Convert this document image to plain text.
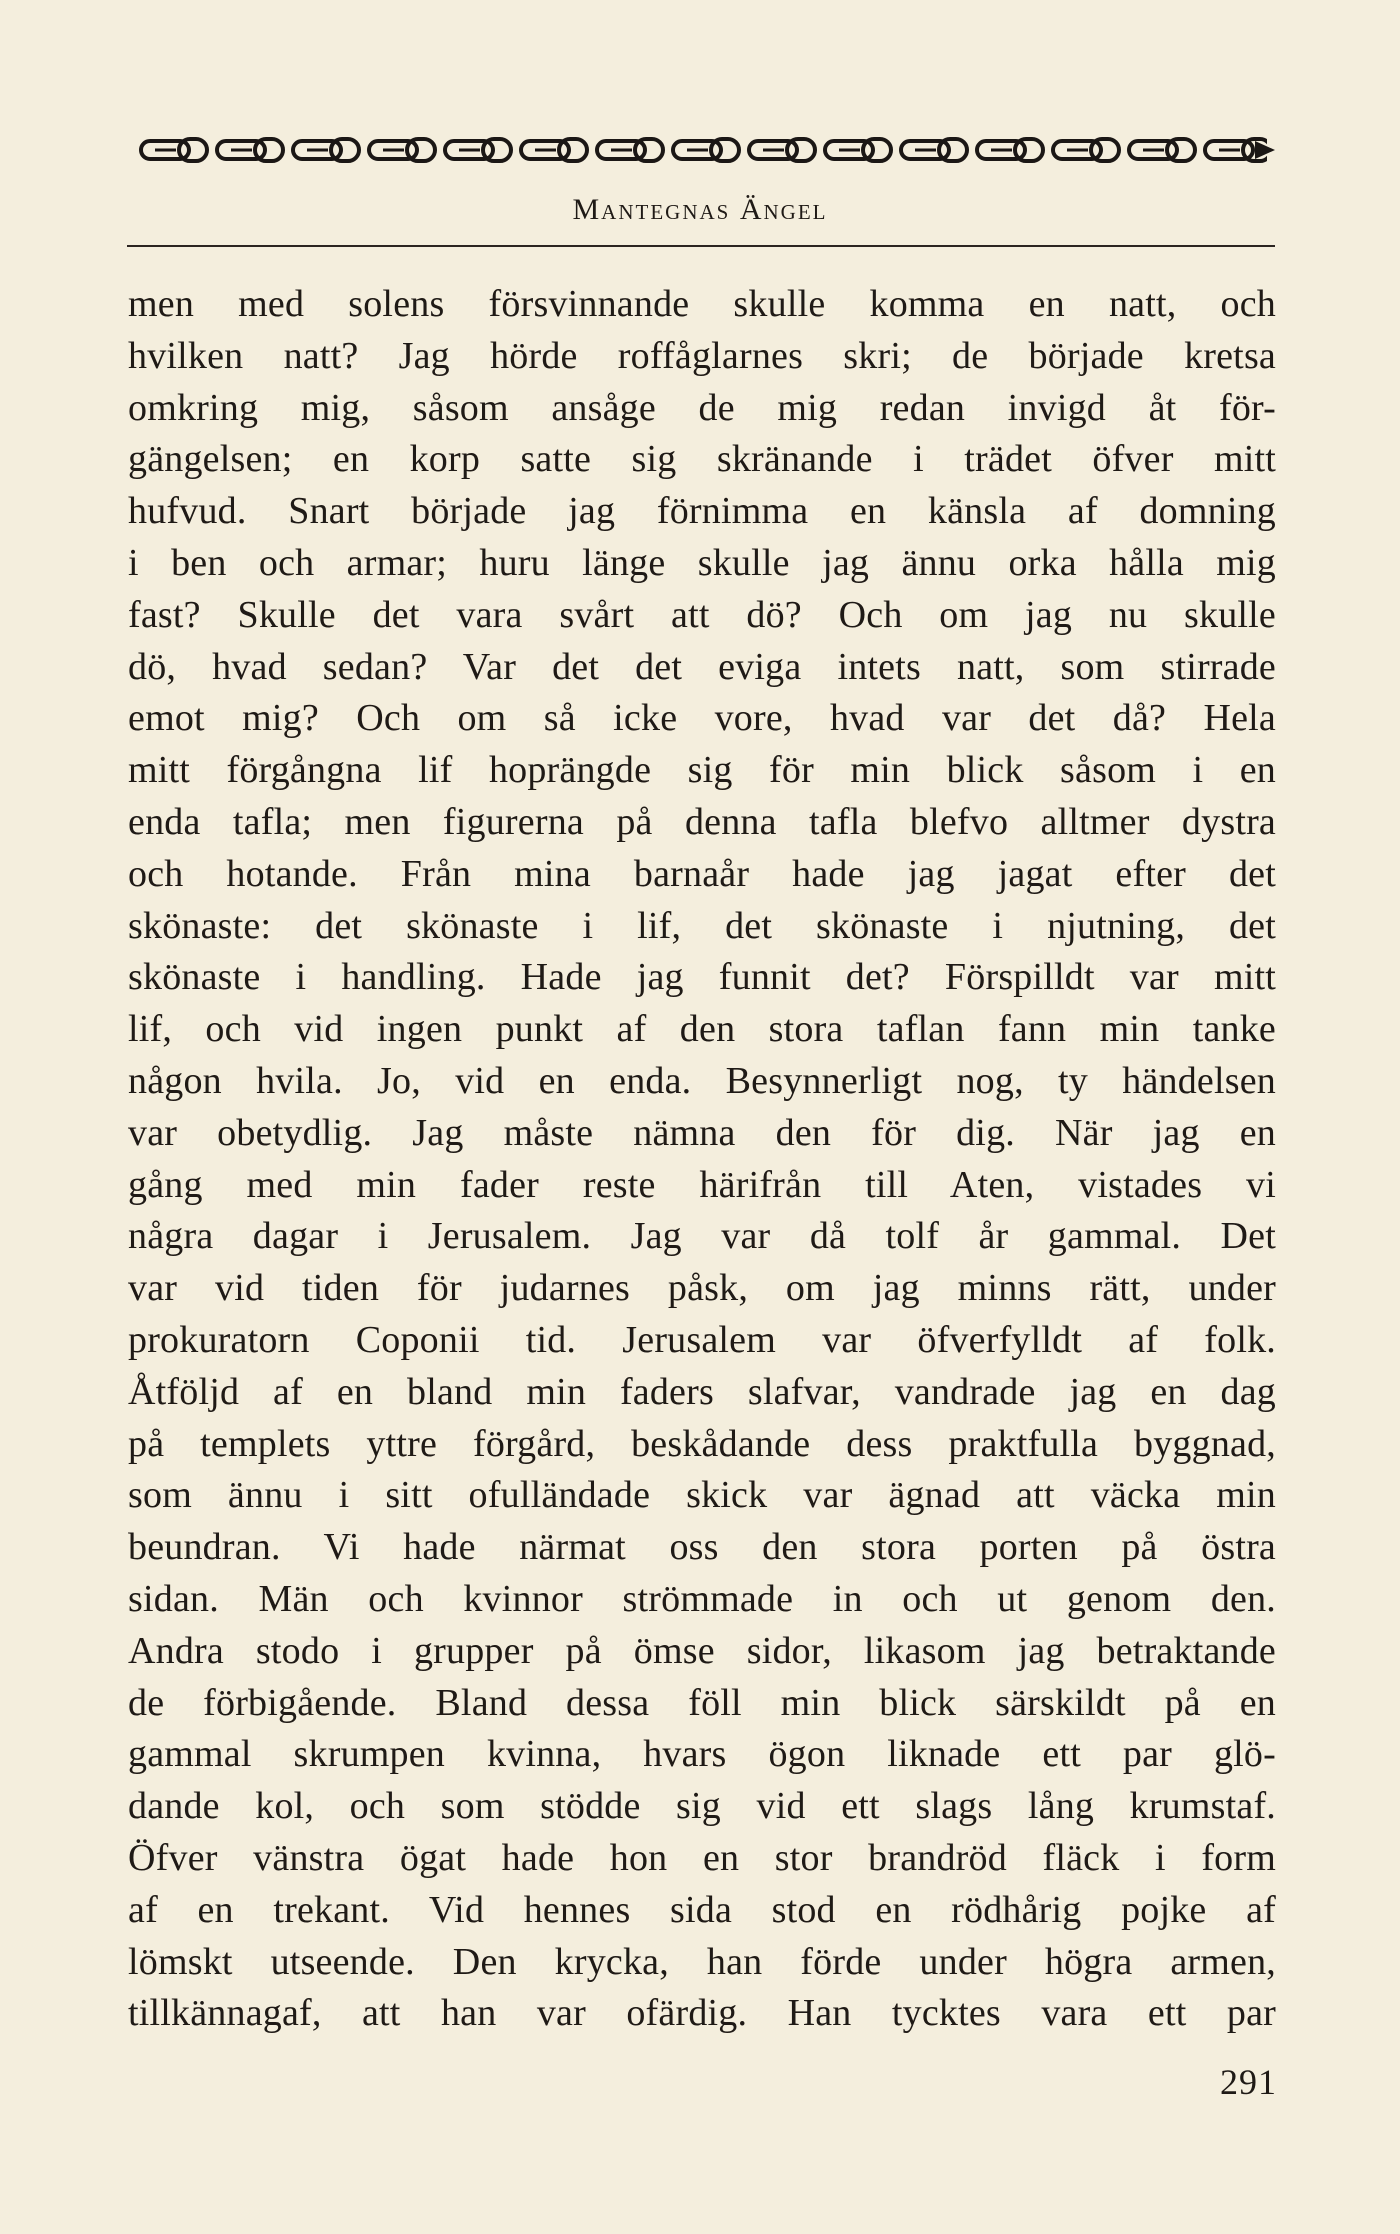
Mantegnas Ängel
men med solens försvinnande skulle komma en natt, och
hvilken natt? Jag hörde roffåglarnes skri; de började kretsa
omkring mig, såsom ansåge de mig redan invigd åt för-
gängelsen; en korp satte sig skränande i trädet öfver mitt
hufvud. Snart började jag förnimma en känsla af domning
i ben och armar; huru länge skulle jag ännu orka hålla mig
fast? Skulle det vara svårt att dö? Och om jag nu skulle
dö, hvad sedan? Var det det eviga intets natt, som stirrade
emot mig? Och om så icke vore, hvad var det då? Hela
mitt förgångna lif hoprängde sig för min blick såsom i en
enda tafla; men figurerna på denna tafla blefvo alltmer dystra
och hotande. Från mina barnaår hade jag jagat efter det
skönaste: det skönaste i lif, det skönaste i njutning, det
skönaste i handling. Hade jag funnit det? Förspilldt var mitt
lif, och vid ingen punkt af den stora taflan fann min tanke
någon hvila. Jo, vid en enda. Besynnerligt nog, ty händelsen
var obetydlig. Jag måste nämna den för dig. När jag en
gång med min fader reste härifrån till Aten, vistades vi
några dagar i Jerusalem. Jag var då tolf år gammal. Det
var vid tiden för judarnes påsk, om jag minns rätt, under
prokuratorn Coponii tid. Jerusalem var öfverfylldt af folk.
Åtföljd af en bland min faders slafvar, vandrade jag en dag
på templets yttre förgård, beskådande dess praktfulla byggnad,
som ännu i sitt ofulländade skick var ägnad att väcka min
beundran. Vi hade närmat oss den stora porten på östra
sidan. Män och kvinnor strömmade in och ut genom den.
Andra stodo i grupper på ömse sidor, likasom jag betraktande
de förbigående. Bland dessa föll min blick särskildt på en
gammal skrumpen kvinna, hvars ögon liknade ett par glö-
dande kol, och som stödde sig vid ett slags lång krumstaf.
Öfver vänstra ögat hade hon en stor brandröd fläck i form
af en trekant. Vid hennes sida stod en rödhårig pojke af
lömskt utseende. Den krycka, han förde under högra armen,
tillkännagaf, att han var ofärdig. Han tycktes vara ett par
291
